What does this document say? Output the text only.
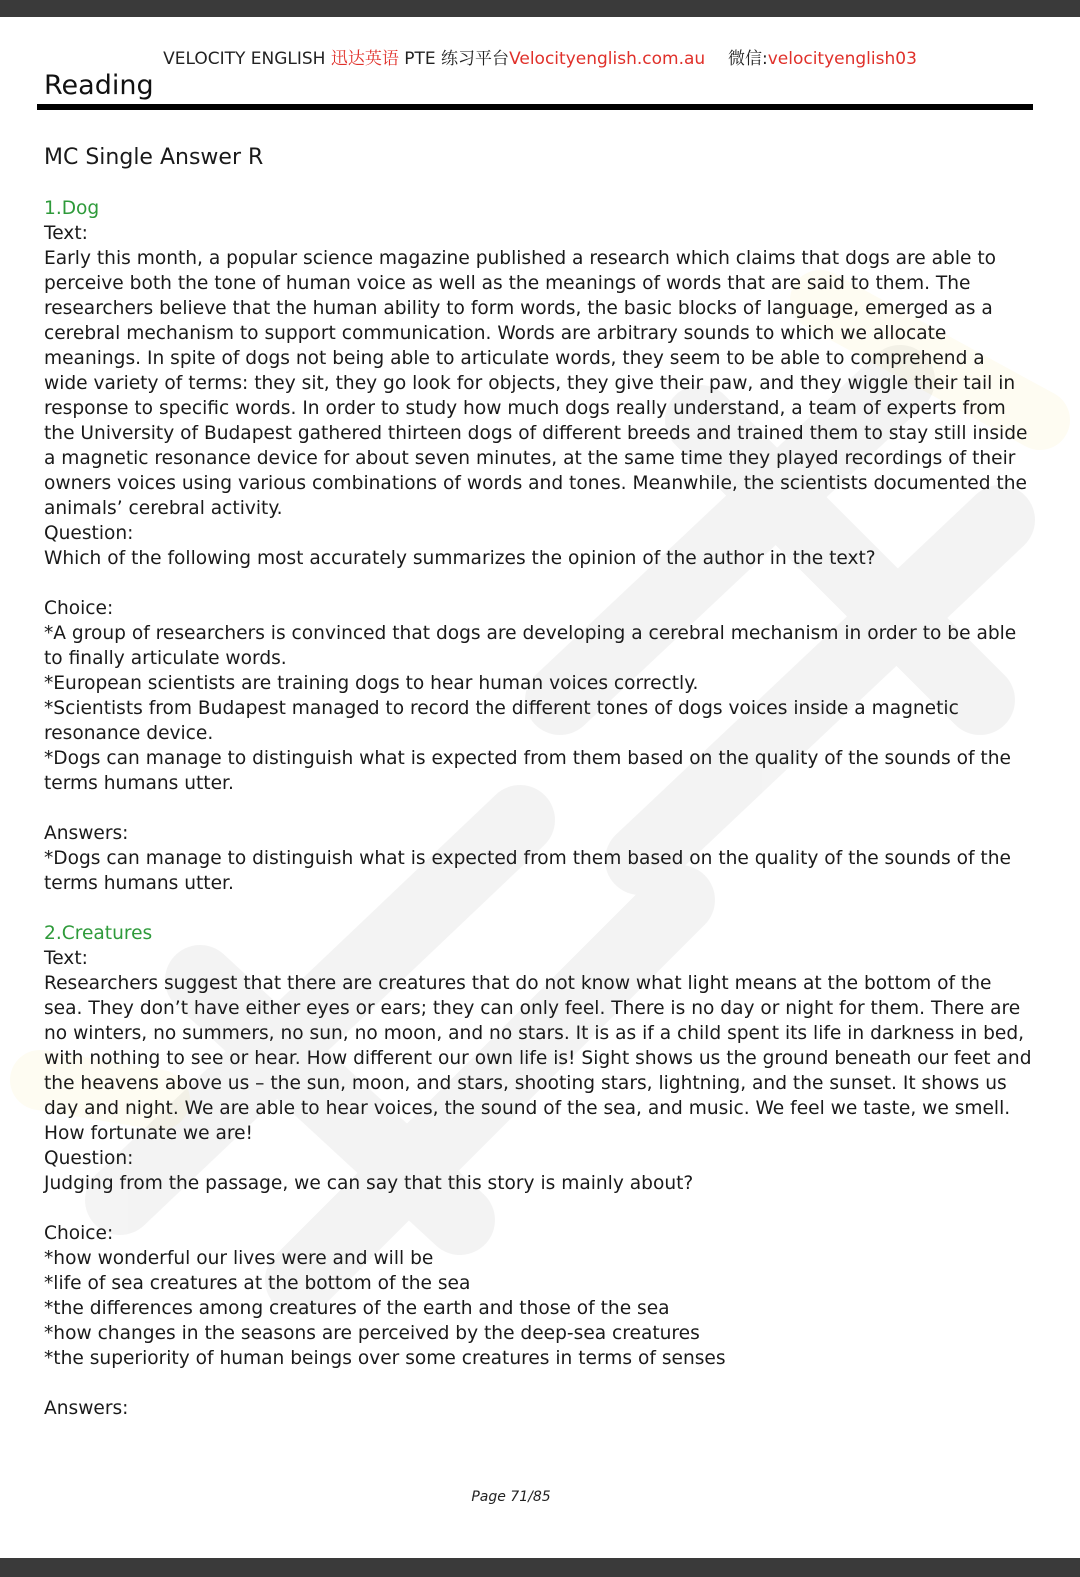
VELOCITY ENGLISH 迅达英语 PTE 练习平台Velocityenglish.com.au 微信:velocityenglish03
Reading
MC Single Answer R
1.Dog
Text:
Early this month, a popular science magazine published a research which claims that dogs are able to perceive both the tone of human voice as well as the meanings of words that are said to them. The researchers believe that the human ability to form words, the basic blocks of language, emerged as a cerebral mechanism to support communication. Words are arbitrary sounds to which we allocate meanings. In spite of dogs not being able to articulate words, they seem to be able to comprehend a wide variety of terms: they sit, they go look for objects, they give their paw, and they wiggle their tail in response to specific words. In order to study how much dogs really understand, a team of experts from the University of Budapest gathered thirteen dogs of different breeds and trained them to stay still inside a magnetic resonance device for about seven minutes, at the same time they played recordings of their owners voices using various combinations of words and tones. Meanwhile, the scientists documented the animals’ cerebral activity.
Question:
Which of the following most accurately summarizes the opinion of the author in the text?
Choice:
*A group of researchers is convinced that dogs are developing a cerebral mechanism in order to be able to finally articulate words.
*European scientists are training dogs to hear human voices correctly.
*Scientists from Budapest managed to record the different tones of dogs voices inside a magnetic resonance device.
*Dogs can manage to distinguish what is expected from them based on the quality of the sounds of the terms humans utter.
Answers:
*Dogs can manage to distinguish what is expected from them based on the quality of the sounds of the terms humans utter.
2.Creatures
Text:
Researchers suggest that there are creatures that do not know what light means at the bottom of the sea. They don’t have either eyes or ears; they can only feel. There is no day or night for them. There are no winters, no summers, no sun, no moon, and no stars. It is as if a child spent its life in darkness in bed, with nothing to see or hear. How different our own life is! Sight shows us the ground beneath our feet and the heavens above us – the sun, moon, and stars, shooting stars, lightning, and the sunset. It shows us day and night. We are able to hear voices, the sound of the sea, and music. We feel we taste, we smell. How fortunate we are!
Question:
Judging from the passage, we can say that this story is mainly about?
Choice:
*how wonderful our lives were and will be
*life of sea creatures at the bottom of the sea
*the differences among creatures of the earth and those of the sea
*how changes in the seasons are perceived by the deep-sea creatures
*the superiority of human beings over some creatures in terms of senses
Answers:
Page 71/85
